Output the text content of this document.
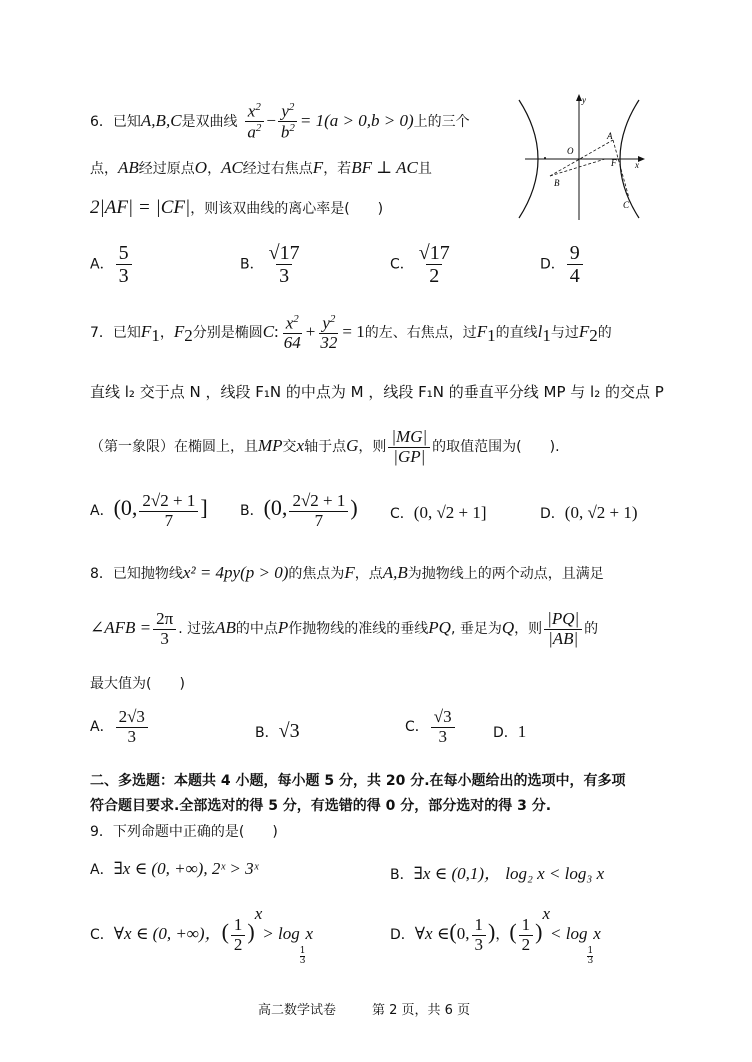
6．已知A,B,C是双曲线 $\frac{x^2}{a^2} - \frac{y^2}{b^2} = 1(a > 0,b > 0)$上的三个
点，AB经过原点O，AC经过右焦点F，若BF ⊥ AC且
2|AF| = |CF|，则该双曲线的离心率是(　　)
y
x
O
A
F
B
C
A． $\frac{5}{3}$	B． $\frac{√17}{3}$	C． $\frac{√17}{2}$	D． $\frac{9}{4}$
7．已知$F_1$，$F_2$分别是椭圆C: $\frac{x^2}{64} + \frac{y^2}{32} = 1$的左、右焦点，过$F_1$的直线$l_1$与过$F_2$的
直线 l₂ 交于点 N ，线段 F₁N 的中点为 M ，线段 F₁N 的垂直平分线 MP 与 l₂ 的交点 P
（第一象限）在椭圆上，且MP交x轴于点G，则 $\frac{|MG|}{|GP|}$ 的取值范围为(　　).
A．(0, $\frac{2√2 + 1}{7}$ ] B．(0, $\frac{2√2 + 1}{7}$ ) C．(0, √2 + 1]	D．(0, √2 + 1)
8．已知抛物线x² = 4py(p > 0)的焦点为F，点A,B为抛物线上的两个动点，且满足
∠AFB = $\frac{2\pi}{3}$ . 过弦AB的中点P作抛物线的准线的垂线PQ, 垂足为Q，则 $\frac{|PQ|}{|AB|}$ 的
最大值为(　　)
A． $\frac{2√3}{3}$	B．√3	C． $\frac{√3}{3}$	D．1
二、多选题：本题共 4 小题，每小题 5 分，共 20 分.在每小题给出的选项中，有多项
符合题目要求.全部选对的得 5 分，有选错的得 0 分，部分选对的得 3 分.
9．下列命题中正确的是(　　)
A．∃x ∈ (0, +∞), 2ˣ > 3ˣ	B．∃x ∈ (0,1)， log₂ x < log₃ x
C．∀x ∈ (0, +∞)，( $\frac{1}{2} )^x> \log$
$\frac{1}{3}$
x	D．∀x ∈(0, $\frac{1}{3}$ )，( $\frac{1}{2} )^x< \log$
$\frac{1}{3}$
x
高二数学试卷	第 2 页，共 6 页
